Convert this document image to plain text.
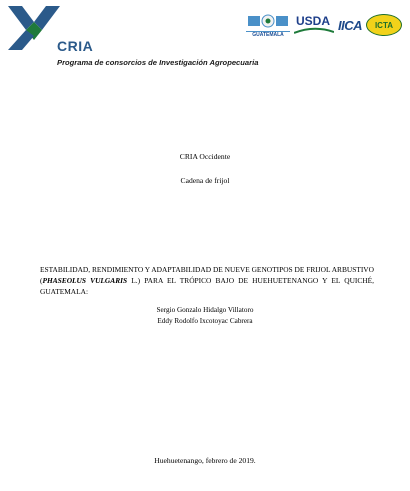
CRIA
Programa de consorcios de Investigación Agropecuaria
GUATEMALA
USDA IICA	ICTA
CRIA Occidente
Cadena de frijol
ESTABILIDAD, RENDIMIENTO Y ADAPTABILIDAD DE NUEVE GENOTIPOS DE FRIJOL ARBUSTIVO (PHASEOLUS VULGARIS L.) PARA EL TRÓPICO BAJO DE HUEHUETENANGO Y EL QUICHÉ, GUATEMALA:
Sergio Gonzalo Hidalgo Villatoro
Eddy Rodolfo Ixcotoyac Cabrera
Huehuetenango, febrero de 2019.
